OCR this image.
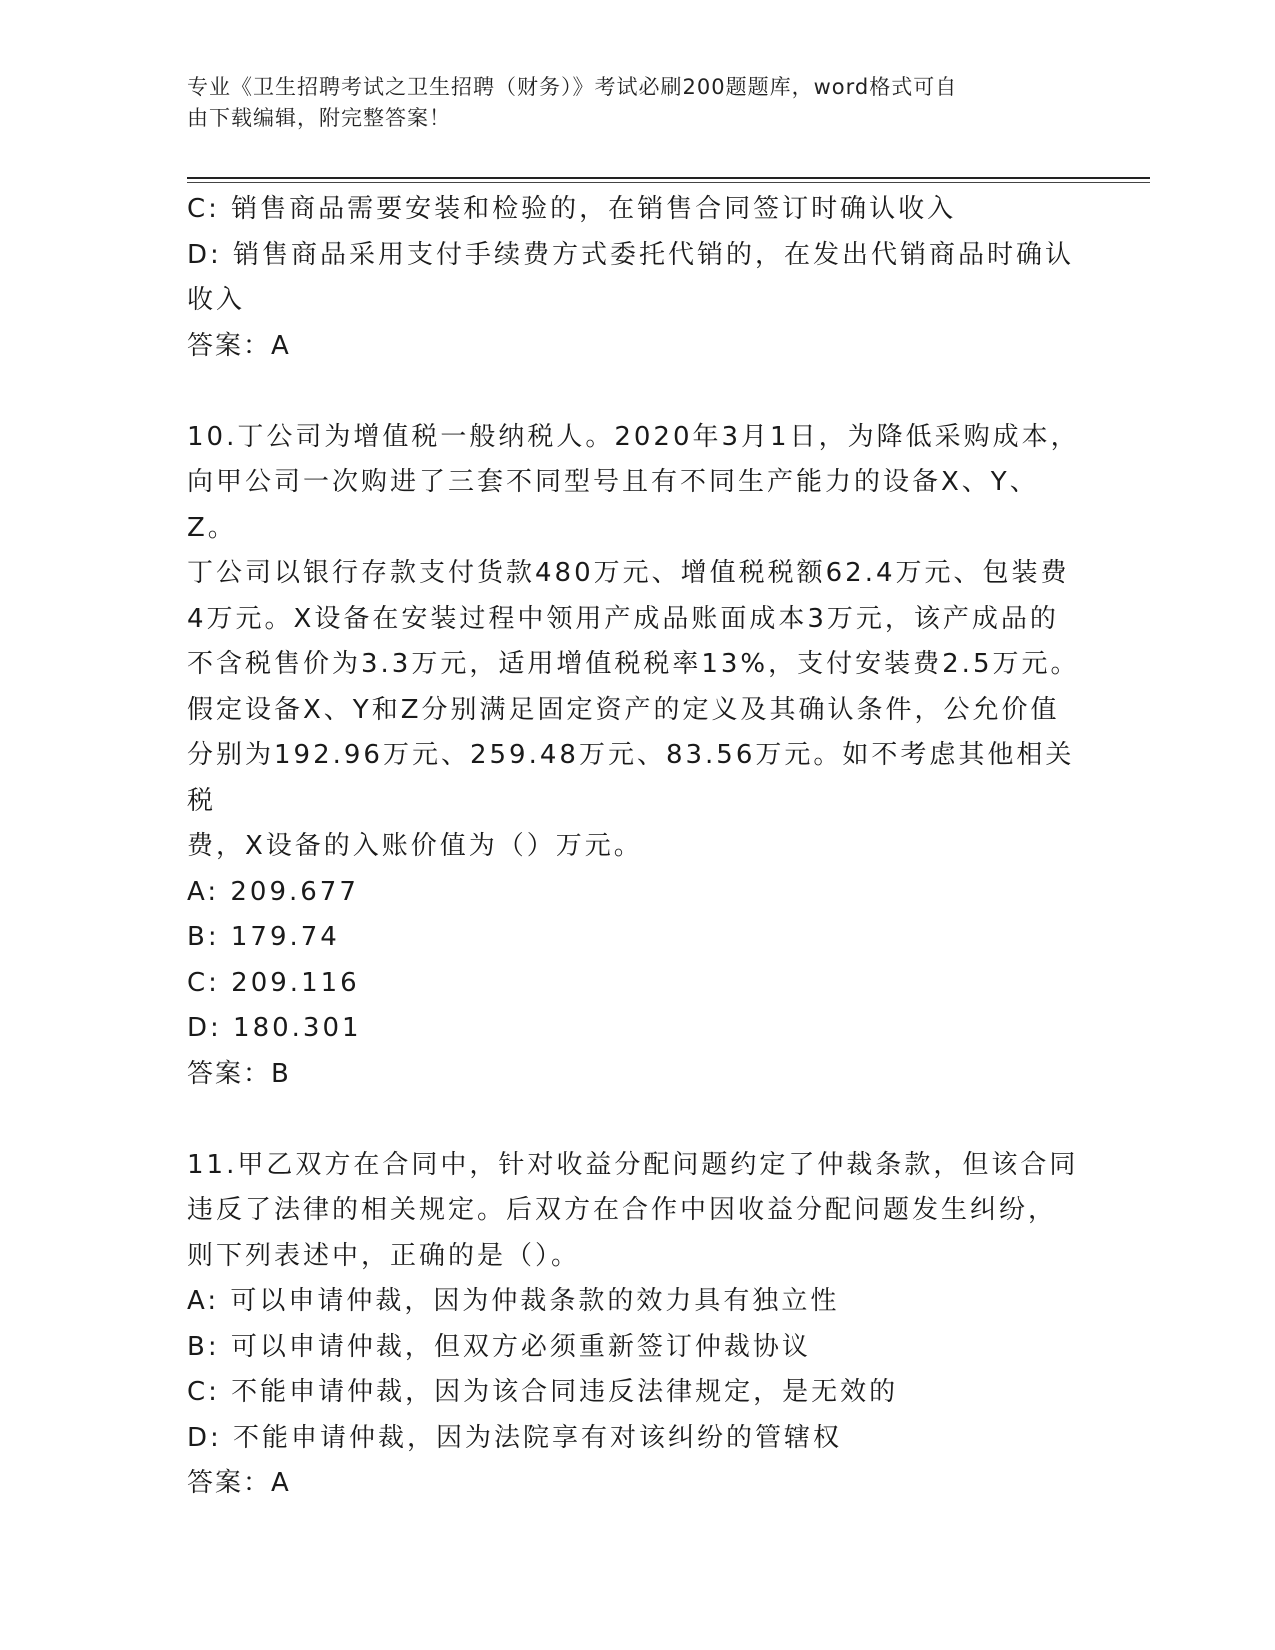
专业《卫生招聘考试之卫生招聘（财务）》考试必刷200题题库，word格式可自
由下载编辑，附完整答案！
C: 销售商品需要安装和检验的，在销售合同签订时确认收入
D: 销售商品采用支付手续费方式委托代销的，在发出代销商品时确认
收入
答案：A
10.丁公司为增值税一般纳税人。2020年3月1日，为降低采购成本，
向甲公司一次购进了三套不同型号且有不同生产能力的设备X、Y、Z。
丁公司以银行存款支付货款480万元、增值税税额62.4万元、包装费
4万元。X设备在安装过程中领用产成品账面成本3万元，该产成品的
不含税售价为3.3万元，适用增值税税率13%，支付安装费2.5万元。
假定设备X、Y和Z分别满足固定资产的定义及其确认条件，公允价值
分别为192.96万元、259.48万元、83.56万元。如不考虑其他相关税
费，X设备的入账价值为（）万元。
A: 209.677
B: 179.74
C: 209.116
D: 180.301
答案：B
11.甲乙双方在合同中，针对收益分配问题约定了仲裁条款，但该合同
违反了法律的相关规定。后双方在合作中因收益分配问题发生纠纷，
则下列表述中，正确的是（）。
A: 可以申请仲裁，因为仲裁条款的效力具有独立性
B: 可以申请仲裁，但双方必须重新签订仲裁协议
C: 不能申请仲裁，因为该合同违反法律规定，是无效的
D: 不能申请仲裁，因为法院享有对该纠纷的管辖权
答案：A
